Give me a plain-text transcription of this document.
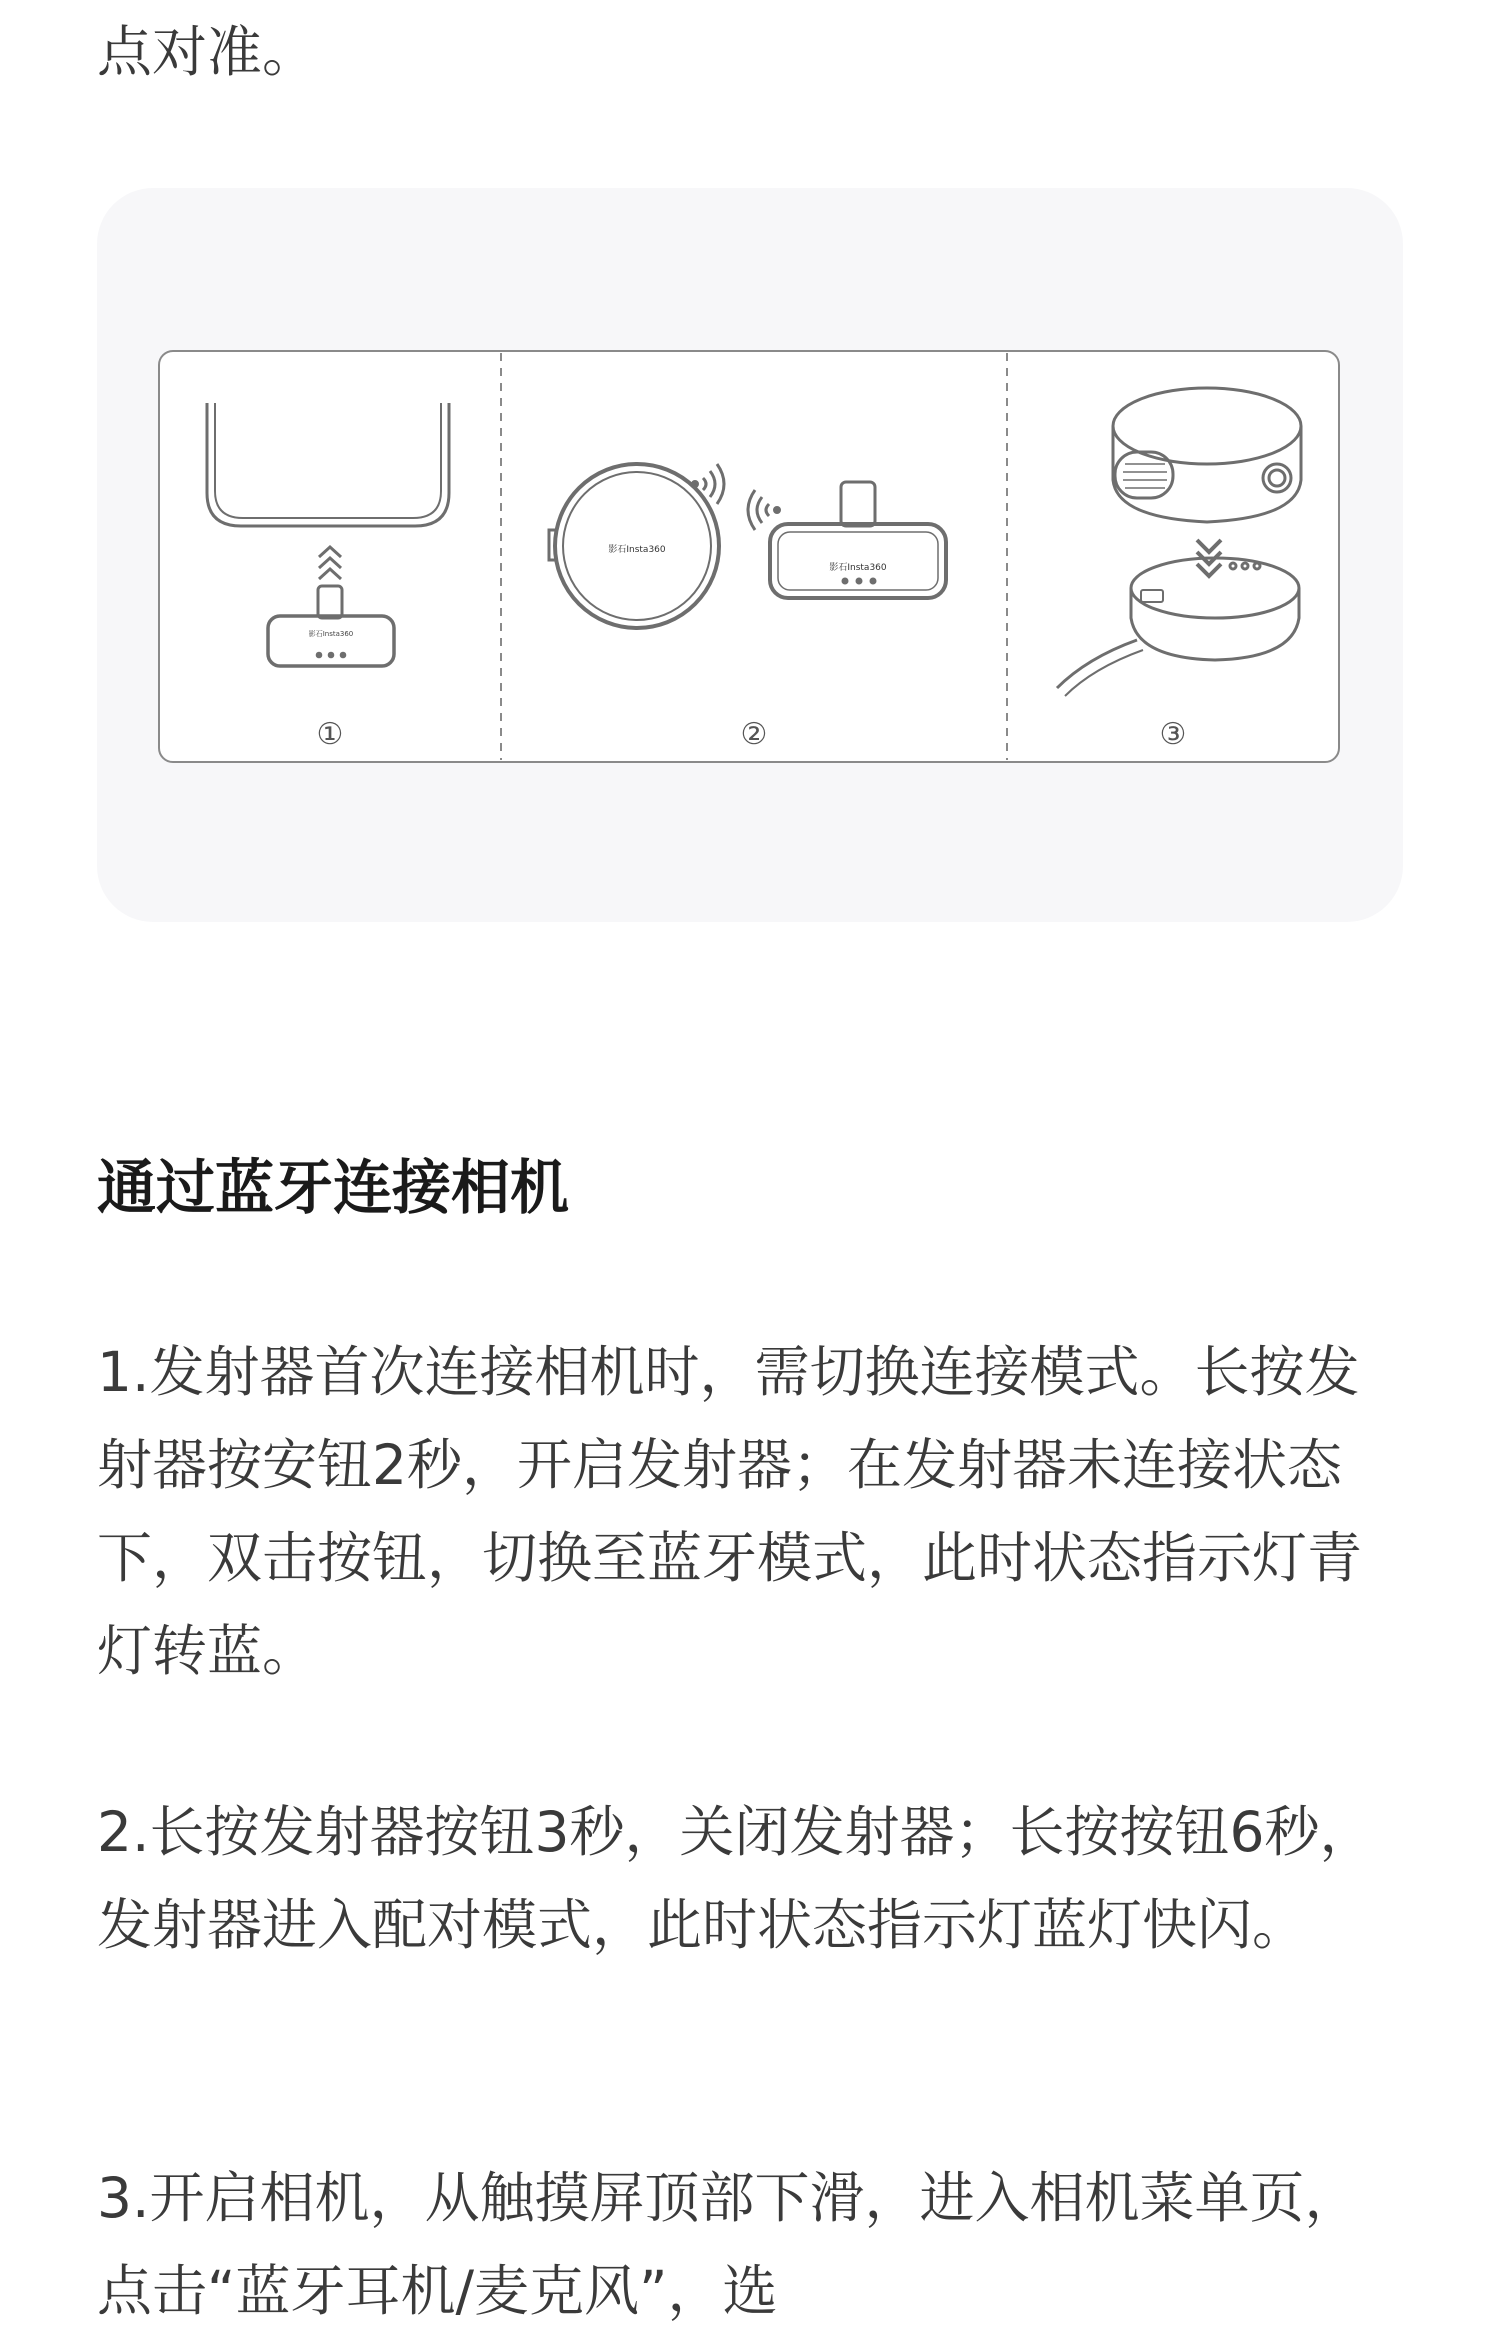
点对准。

影石Insta360
影石Insta360
影石Insta360
①	②	③
通过蓝牙连接相机

1.发射器首次连接相机时，需切换连接模式。长按发射器按安钮2秒，开启发射器；在发射器未连接状态下，双击按钮，切换至蓝牙模式，此时状态指示灯青灯转蓝。

2.长按发射器按钮3秒，关闭发射器；长按按钮6秒，发射器进入配对模式，此时状态指示灯蓝灯快闪。

3.开启相机，从触摸屏顶部下滑，进入相机菜单页，点击“蓝牙耳机/麦克风”，选
